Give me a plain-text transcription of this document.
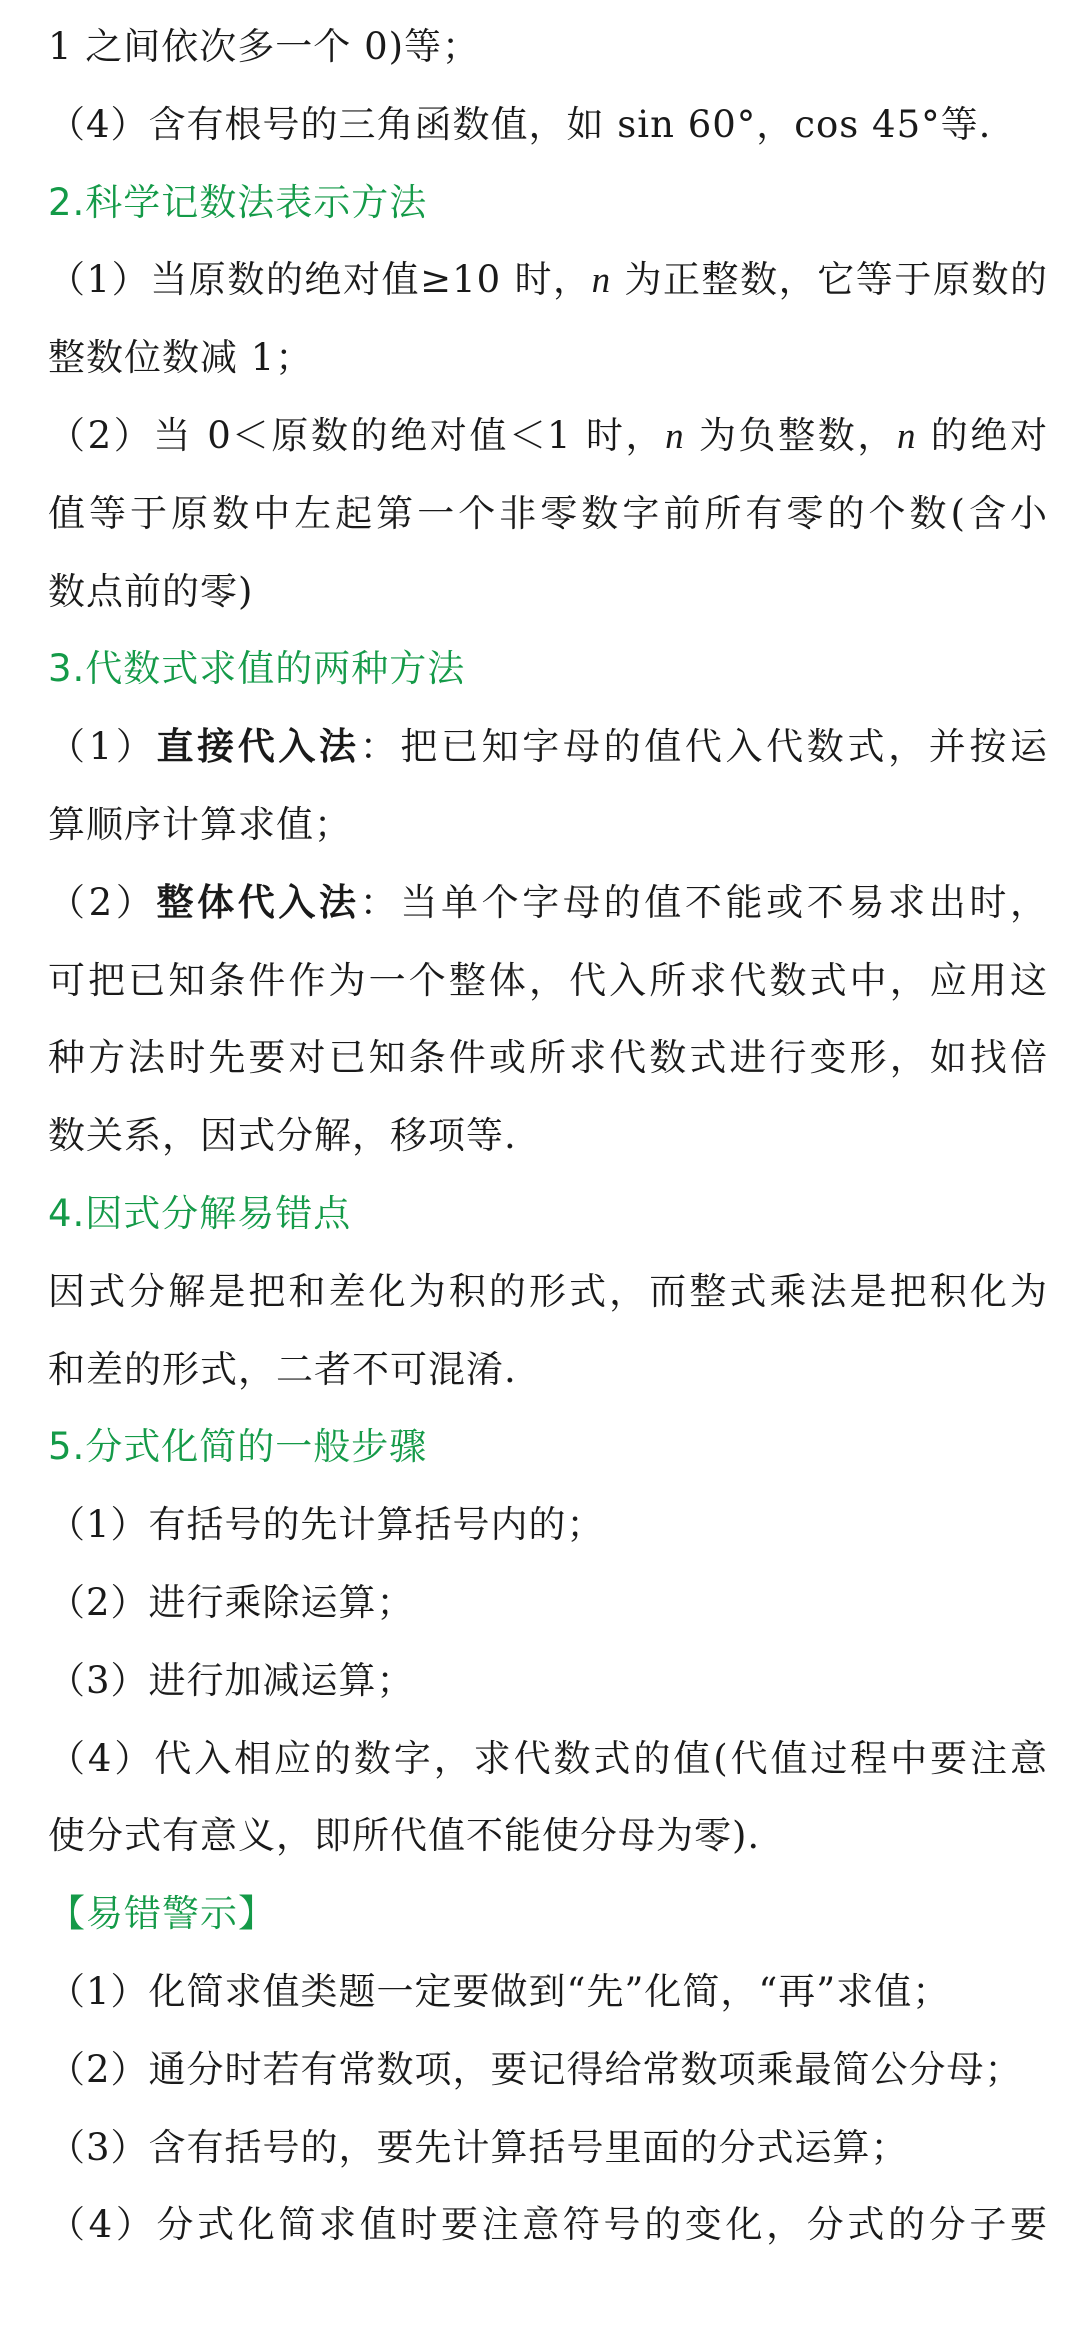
1 之间依次多一个 0)等；
（4）含有根号的三角函数值，如 sin 60°，cos 45°等.
2.科学记数法表示方法
（1）当原数的绝对值≥10 时，n 为正整数，它等于原数的
整数位数减 1；
（2）当 0＜原数的绝对值＜1 时，n 为负整数，n 的绝对
值等于原数中左起第一个非零数字前所有零的个数(含小
数点前的零)
3.代数式求值的两种方法
（1）直接代入法：把已知字母的值代入代数式，并按运
算顺序计算求值；
（2）整体代入法：当单个字母的值不能或不易求出时，
可把已知条件作为一个整体，代入所求代数式中，应用这
种方法时先要对已知条件或所求代数式进行变形，如找倍
数关系，因式分解，移项等.
4.因式分解易错点
因式分解是把和差化为积的形式，而整式乘法是把积化为
和差的形式，二者不可混淆.
5.分式化简的一般步骤
（1）有括号的先计算括号内的；
（2）进行乘除运算；
（3）进行加减运算；
（4）代入相应的数字，求代数式的值(代值过程中要注意
使分式有意义，即所代值不能使分母为零).
【易错警示】
（1）化简求值类题一定要做到“先”化简，“再”求值；
（2）通分时若有常数项，要记得给常数项乘最简公分母；
（3）含有括号的，要先计算括号里面的分式运算；
（4）分式化简求值时要注意符号的变化，分式的分子要
